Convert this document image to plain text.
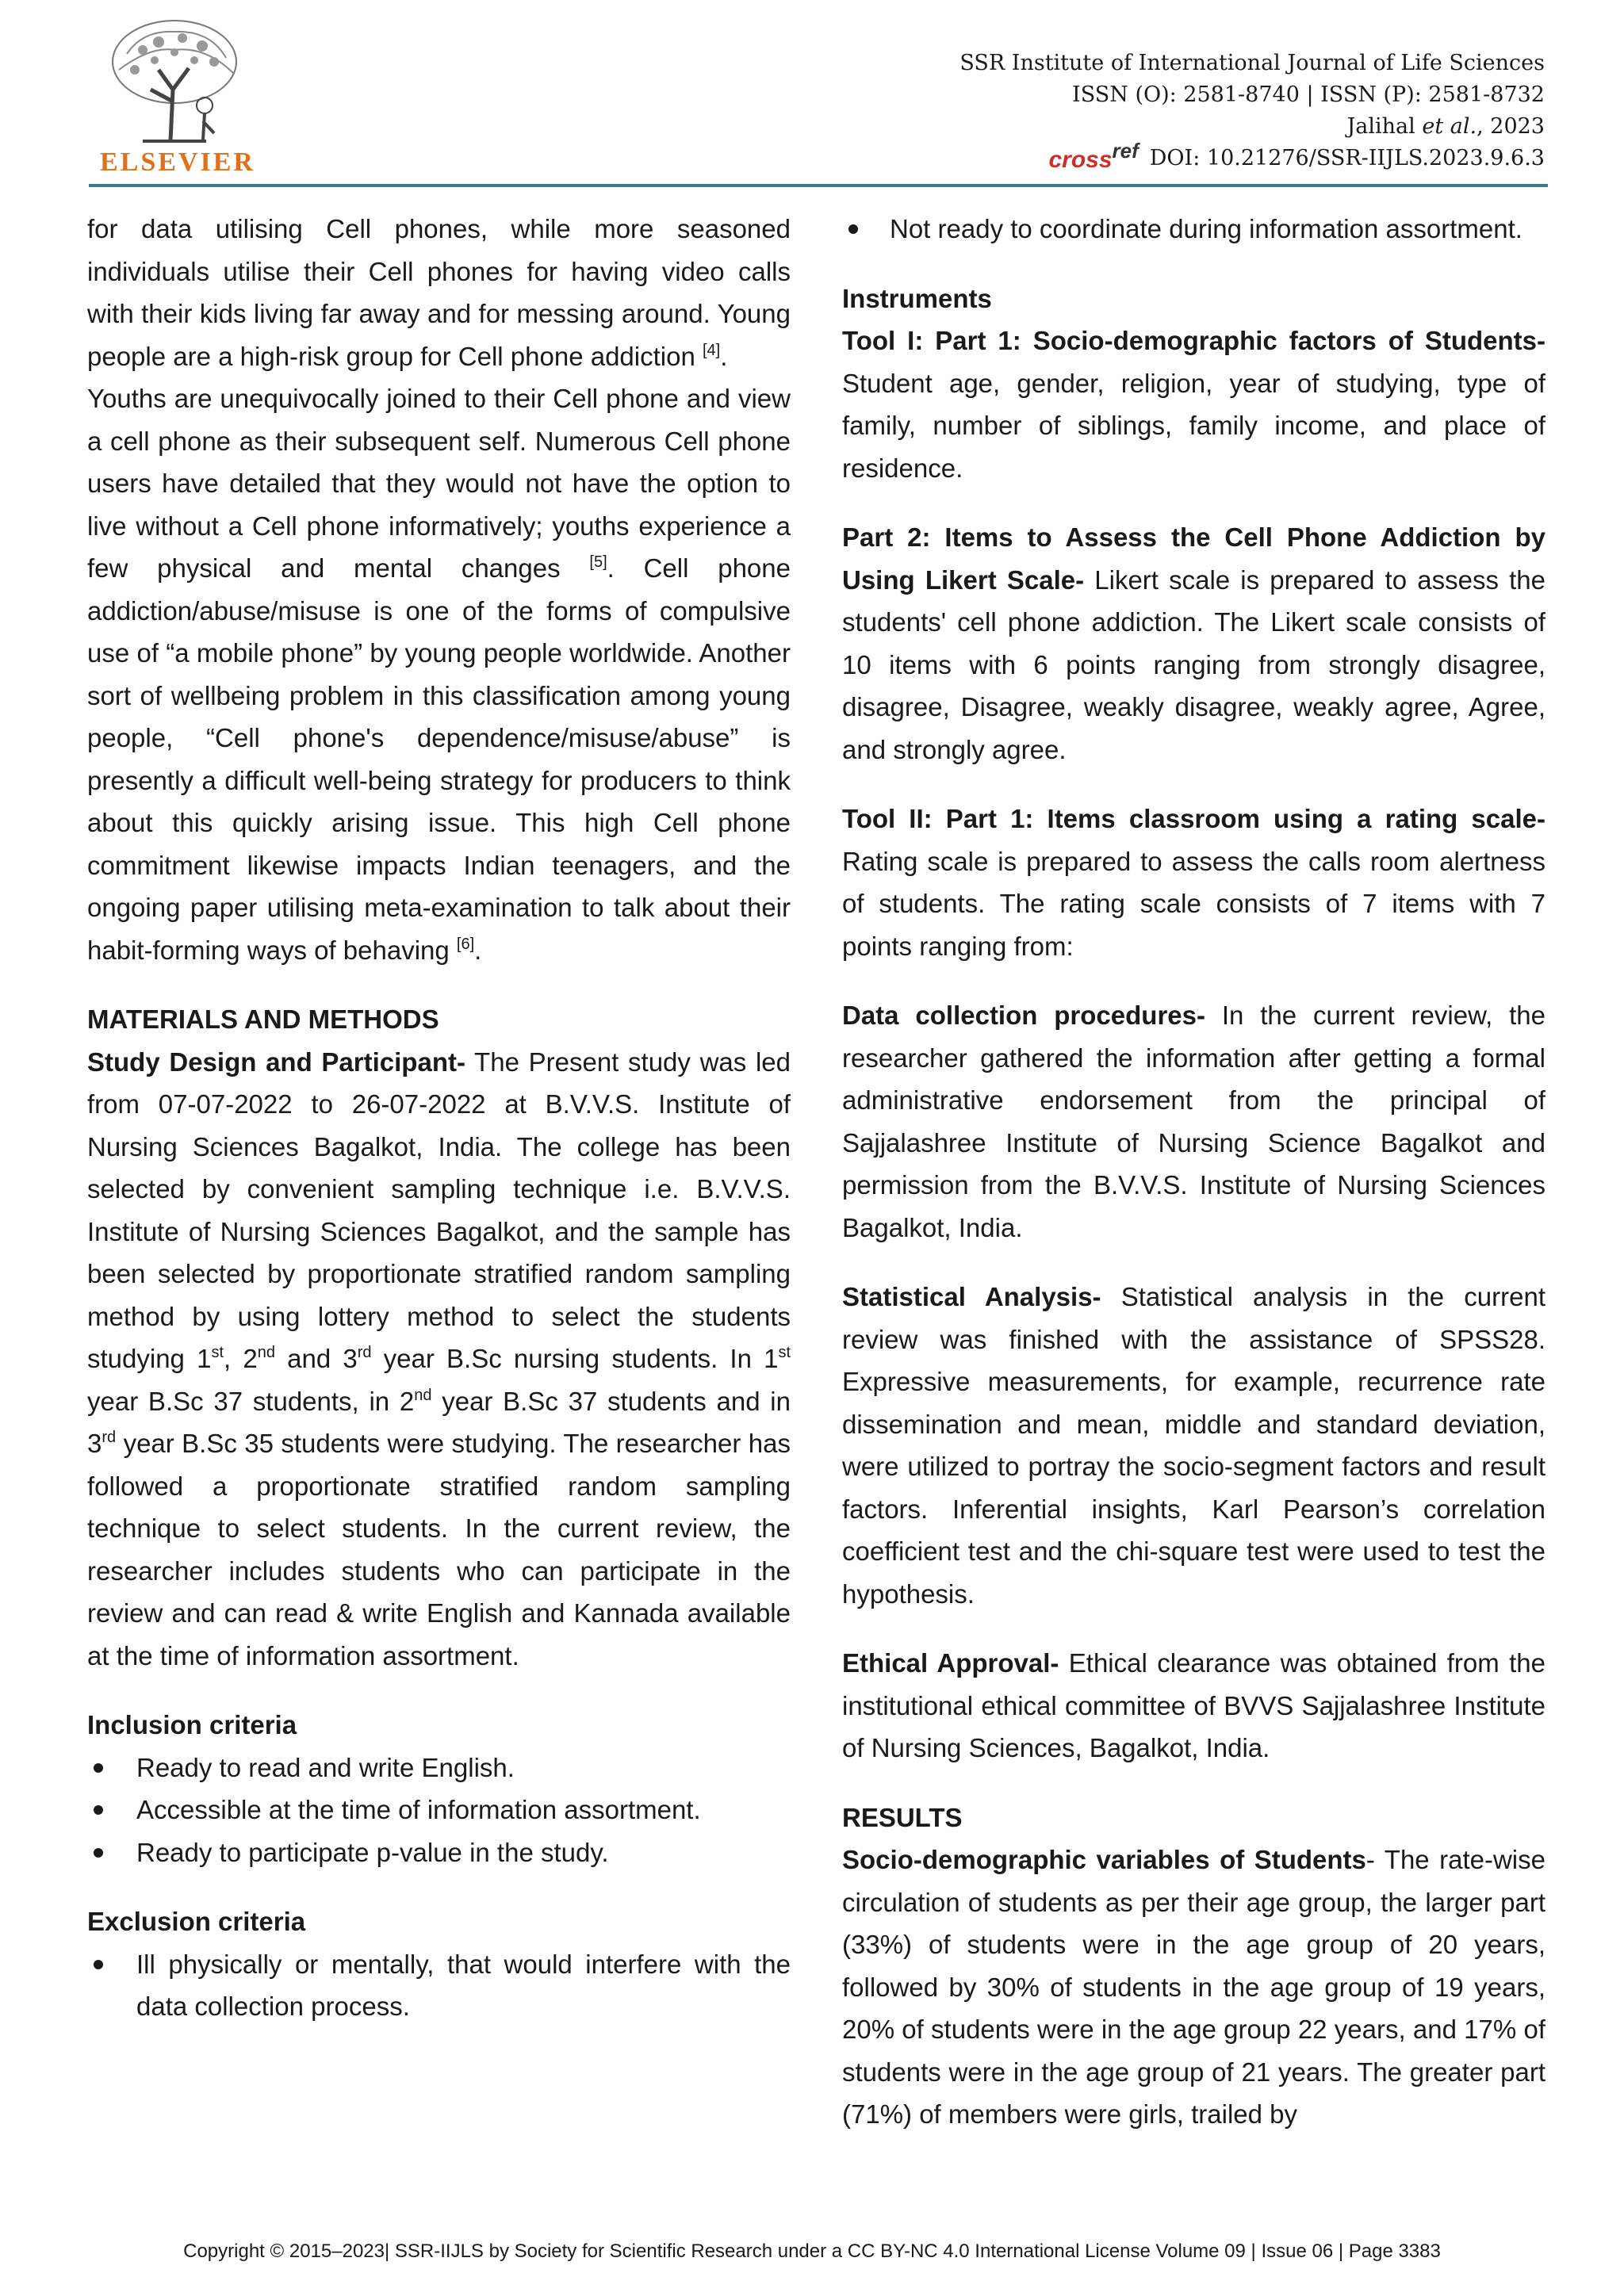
ELSEVIER
SSR Institute of International Journal of Life Sciences
ISSN (O): 2581-8740 | ISSN (P): 2581-8732
Jalihal et al., 2023
crossref DOI: 10.21276/SSR-IIJLS.2023.9.6.3

for data utilising Cell phones, while more seasoned individuals utilise their Cell phones for having video calls with their kids living far away and for messing around. Young people are a high-risk group for Cell phone addiction [4].

Youths are unequivocally joined to their Cell phone and view a cell phone as their subsequent self. Numerous Cell phone users have detailed that they would not have the option to live without a Cell phone informatively; youths experience a few physical and mental changes [5]. Cell phone addiction/abuse/misuse is one of the forms of compulsive use of “a mobile phone” by young people worldwide. Another sort of wellbeing problem in this classification among young people, “Cell phone's dependence/misuse/abuse” is presently a difficult well-being strategy for producers to think about this quickly arising issue. This high Cell phone commitment likewise impacts Indian teenagers, and the ongoing paper utilising meta-examination to talk about their habit-forming ways of behaving [6].

MATERIALS AND METHODS

Study Design and Participant- The Present study was led from 07-07-2022 to 26-07-2022 at B.V.V.S. Institute of Nursing Sciences Bagalkot, India. The college has been selected by convenient sampling technique i.e. B.V.V.S. Institute of Nursing Sciences Bagalkot, and the sample has been selected by proportionate stratified random sampling method by using lottery method to select the students studying 1st, 2nd and 3rd year B.Sc nursing students. In 1st year B.Sc 37 students, in 2nd year B.Sc 37 students and in 3rd year B.Sc 35 students were studying. The researcher has followed a proportionate stratified random sampling technique to select students. In the current review, the researcher includes students who can participate in the review and can read & write English and Kannada available at the time of information assortment.

Inclusion criteria

Ready to read and write English.
Accessible at the time of information assortment.
Ready to participate p-value in the study.

Exclusion criteria

Ill physically or mentally, that would interfere with the data collection process.
Not ready to coordinate during information assortment.

Instruments

Tool I: Part 1: Socio-demographic factors of Students- Student age, gender, religion, year of studying, type of family, number of siblings, family income, and place of residence.

Part 2: Items to Assess the Cell Phone Addiction by Using Likert Scale- Likert scale is prepared to assess the students' cell phone addiction. The Likert scale consists of 10 items with 6 points ranging from strongly disagree, disagree, Disagree, weakly disagree, weakly agree, Agree, and strongly agree.

Tool II: Part 1: Items classroom using a rating scale- Rating scale is prepared to assess the calls room alertness of students. The rating scale consists of 7 items with 7 points ranging from:

Data collection procedures- In the current review, the researcher gathered the information after getting a formal administrative endorsement from the principal of Sajjalashree Institute of Nursing Science Bagalkot and permission from the B.V.V.S. Institute of Nursing Sciences Bagalkot, India.

Statistical Analysis- Statistical analysis in the current review was finished with the assistance of SPSS28. Expressive measurements, for example, recurrence rate dissemination and mean, middle and standard deviation, were utilized to portray the socio-segment factors and result factors. Inferential insights, Karl Pearson’s correlation coefficient test and the chi-square test were used to test the hypothesis.

Ethical Approval- Ethical clearance was obtained from the institutional ethical committee of BVVS Sajjalashree Institute of Nursing Sciences, Bagalkot, India.

RESULTS

Socio-demographic variables of Students- The rate-wise circulation of students as per their age group, the larger part (33%) of students were in the age group of 20 years, followed by 30% of students in the age group of 19 years, 20% of students were in the age group 22 years, and 17% of students were in the age group of 21 years. The greater part (71%) of members were girls, trailed by

Copyright © 2015–2023| SSR-IIJLS by Society for Scientific Research under a CC BY-NC 4.0 International License Volume 09 | Issue 06 | Page 3383
